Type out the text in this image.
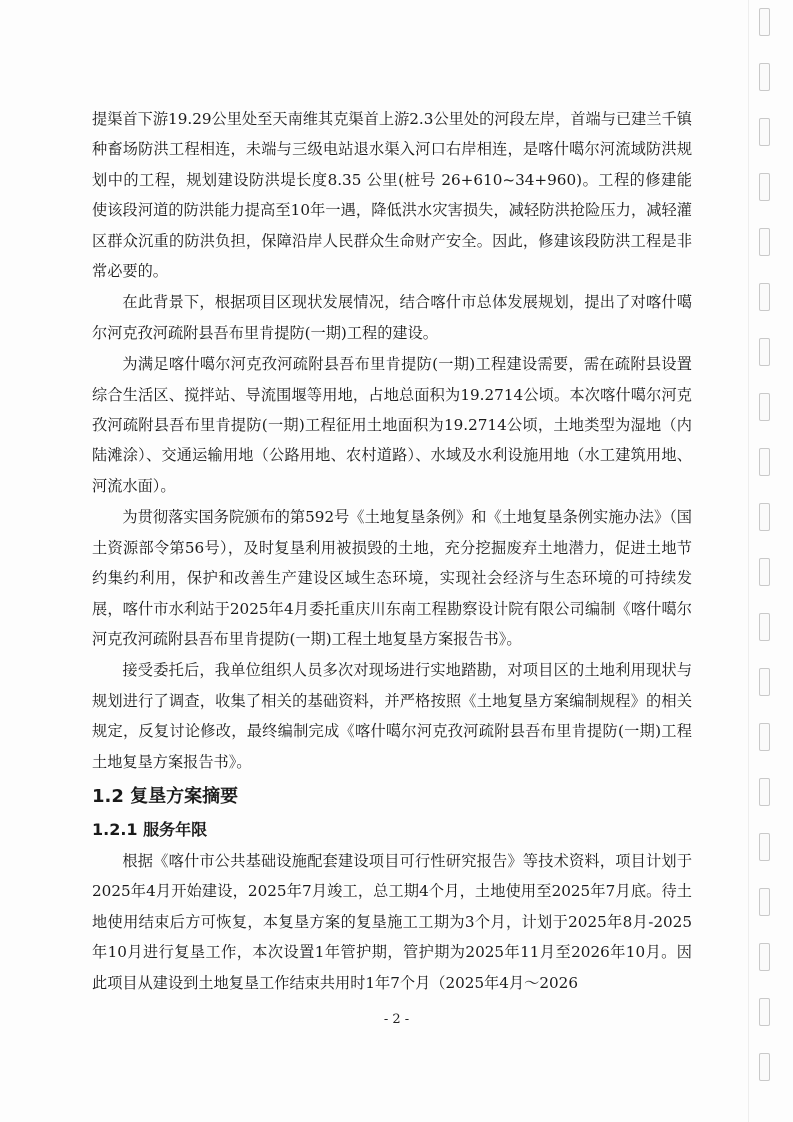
提渠首下游19.29公里处至天南维其克渠首上游2.3公里处的河段左岸，首端与已建兰千镇种畜场防洪工程相连，未端与三级电站退水渠入河口右岸相连，是喀什噶尔河流域防洪规划中的工程，规划建设防洪堤长度8.35 公里(桩号 26+610~34+960)。工程的修建能使该段河道的防洪能力提高至10年一遇，降低洪水灾害损失，减轻防洪抢险压力，减轻灌区群众沉重的防洪负担，保障沿岸人民群众生命财产安全。因此，修建该段防洪工程是非常必要的。

在此背景下，根据项目区现状发展情况，结合喀什市总体发展规划，提出了对喀什噶尔河克孜河疏附县吾布里肯提防(一期)工程的建设。

为满足喀什噶尔河克孜河疏附县吾布里肯提防(一期)工程建设需要，需在疏附县设置综合生活区、搅拌站、导流围堰等用地，占地总面积为19.2714公顷。本次喀什噶尔河克孜河疏附县吾布里肯提防(一期)工程征用土地面积为19.2714公顷，土地类型为湿地（内陆滩涂）、交通运输用地（公路用地、农村道路）、水域及水利设施用地（水工建筑用地、河流水面）。

为贯彻落实国务院颁布的第592号《土地复垦条例》和《土地复垦条例实施办法》（国土资源部令第56号），及时复垦利用被损毁的土地，充分挖掘废弃土地潜力，促进土地节约集约利用，保护和改善生产建设区域生态环境，实现社会经济与生态环境的可持续发展，喀什市水利站于2025年4月委托重庆川东南工程勘察设计院有限公司编制《喀什噶尔河克孜河疏附县吾布里肯提防(一期)工程土地复垦方案报告书》。

接受委托后，我单位组织人员多次对现场进行实地踏勘，对项目区的土地利用现状与规划进行了调查，收集了相关的基础资料，并严格按照《土地复垦方案编制规程》的相关规定，反复讨论修改，最终编制完成《喀什噶尔河克孜河疏附县吾布里肯提防(一期)工程土地复垦方案报告书》。

1.2 复垦方案摘要
1.2.1 服务年限

根据《喀什市公共基础设施配套建设项目可行性研究报告》等技术资料，项目计划于2025年4月开始建设，2025年7月竣工，总工期4个月，土地使用至2025年7月底。待土地使用结束后方可恢复，本复垦方案的复垦施工工期为3个月，计划于2025年8月-2025年10月进行复垦工作，本次设置1年管护期，管护期为2025年11月至2026年10月。因此项目从建设到土地复垦工作结束共用时1年7个月（2025年4月～2026

- 2 -
